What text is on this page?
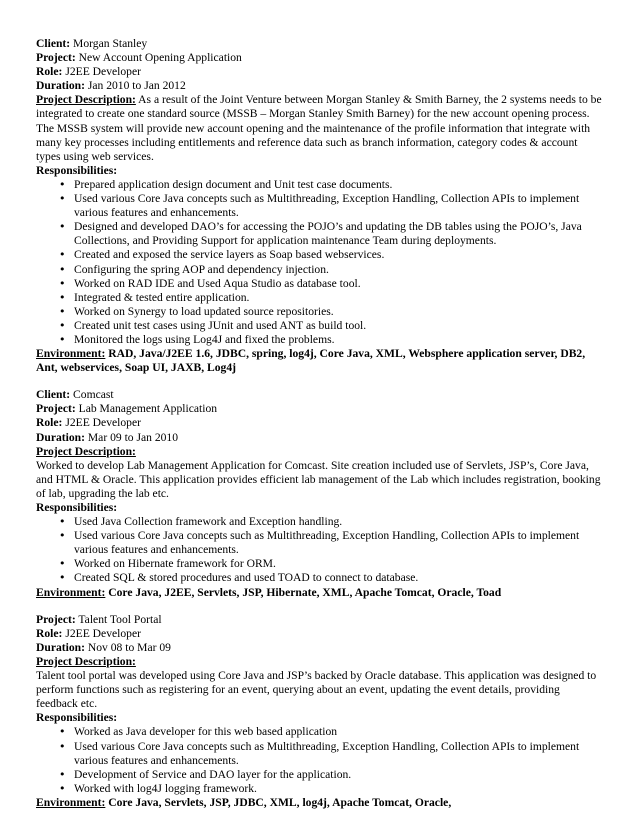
Client: Morgan Stanley
Project: New Account Opening Application
Role: J2EE Developer
Duration: Jan 2010 to Jan 2012
Project Description: As a result of the Joint Venture between Morgan Stanley & Smith Barney, the 2 systems needs to be integrated to create one standard source (MSSB – Morgan Stanley Smith Barney) for the new account opening process. The MSSB system will provide new account opening and the maintenance of the profile information that integrate with many key processes including entitlements and reference data such as branch information, category codes & account types using web services.
Responsibilities:
• Prepared application design document and Unit test case documents.
• Used various Core Java concepts such as Multithreading, Exception Handling, Collection APIs to implement various features and enhancements.
• Designed and developed DAO’s for accessing the POJO’s and updating the DB tables using the POJO’s, Java Collections, and Providing Support for application maintenance Team during deployments.
• Created and exposed the service layers as Soap based webservices.
• Configuring the spring AOP and dependency injection.
• Worked on RAD IDE and Used Aqua Studio as database tool.
• Integrated & tested entire application.
• Worked on Synergy to load updated source repositories.
• Created unit test cases using JUnit and used ANT as build tool.
• Monitored the logs using Log4J and fixed the problems.
Environment: RAD, Java/J2EE 1.6, JDBC, spring, log4j, Core Java, XML, Websphere application server, DB2, Ant, webservices, Soap UI, JAXB, Log4j
Client: Comcast
Project: Lab Management Application
Role: J2EE Developer
Duration: Mar 09 to Jan 2010
Project Description:
Worked to develop Lab Management Application for Comcast. Site creation included use of Servlets, JSP’s, Core Java, and HTML & Oracle. This application provides efficient lab management of the Lab which includes registration, booking of lab, upgrading the lab etc.
Responsibilities:
• Used Java Collection framework and Exception handling.
• Used various Core Java concepts such as Multithreading, Exception Handling, Collection APIs to implement various features and enhancements.
• Worked on Hibernate framework for ORM.
• Created SQL & stored procedures and used TOAD to connect to database.
Environment: Core Java, J2EE, Servlets, JSP, Hibernate, XML, Apache Tomcat, Oracle, Toad
Project: Talent Tool Portal
Role: J2EE Developer
Duration: Nov 08 to Mar 09
Project Description:
Talent tool portal was developed using Core Java and JSP’s backed by Oracle database. This application was designed to perform functions such as registering for an event, querying about an event, updating the event details, providing feedback etc.
Responsibilities:
• Worked as Java developer for this web based application
• Used various Core Java concepts such as Multithreading, Exception Handling, Collection APIs to implement various features and enhancements.
• Development of Service and DAO layer for the application.
• Worked with log4J logging framework.
Environment: Core Java, Servlets, JSP, JDBC, XML, log4j, Apache Tomcat, Oracle,
